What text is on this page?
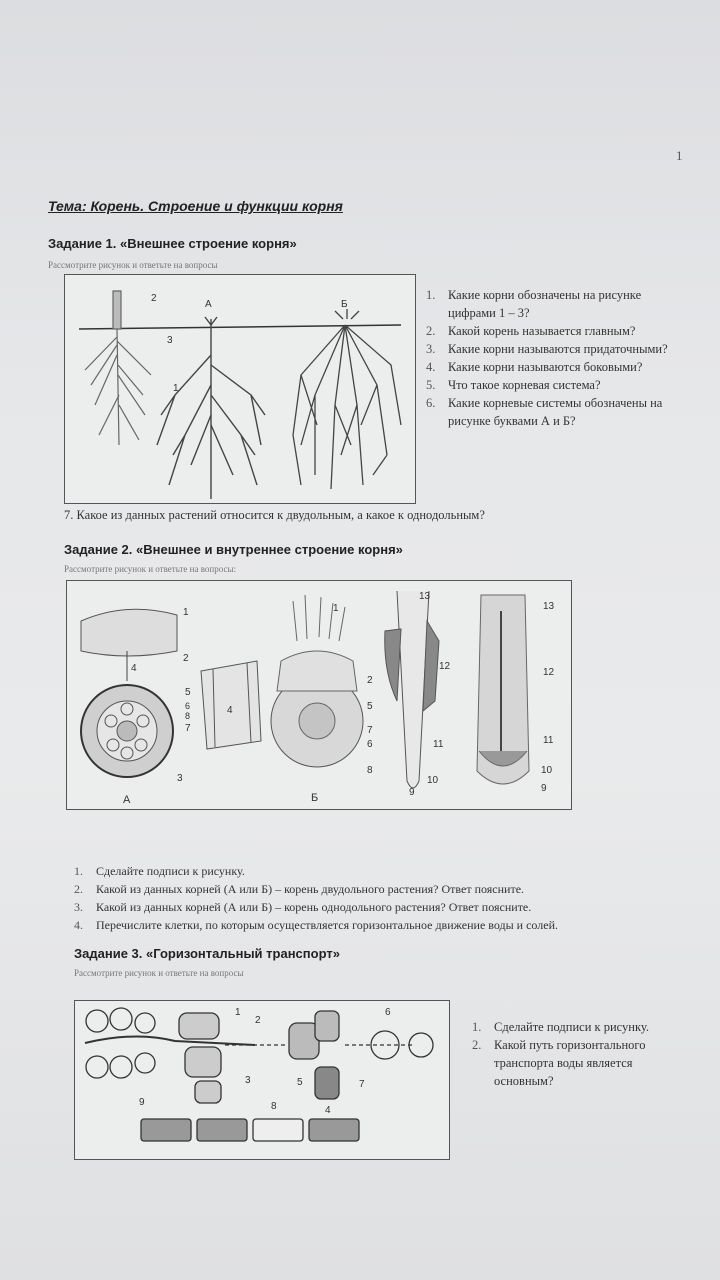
1
Тема: Корень. Строение и функции корня
Задание 1. «Внешнее строение корня»
Рассмотрите рисунок и ответьте на вопросы
2
А	Б
3
1
1.	Какие корни обозначены на рисунке цифрами 1 – 3?
2.	Какой корень называется главным?
3.	Какие корни называются придаточными?
4.	Какие корни называются боковыми?
5.	Что такое корневая система?
6.	Какие корневые системы обозначены на рисунке буквами А и Б?
7. Какое из данных растений относится к двудольным, а какое к однодольным?
Задание 2. «Внешнее и внутреннее строение корня»
Рассмотрите рисунок и ответьте на вопросы:
1
2
4
5
6
8
7
3
4
А
1
2
5
7
6
8
Б
13
12
11
10
9
13
12
11
10
9
1.	Сделайте подписи к рисунку.
2.	Какой из данных корней (А или Б) – корень двудольного растения? Ответ поясните.
3.	Какой из данных корней (А или Б) – корень однодольного растения? Ответ поясните.
4.	Перечислите клетки, по которым осуществляется горизонтальное движение воды и солей.
Задание 3. «Горизонтальный транспорт»
Рассмотрите рисунок и ответьте на вопросы
1
2
3	5
4
7
6
9	8
1.	Сделайте подписи к рисунку.
2.	Какой путь горизонтального транспорта воды является основным?
